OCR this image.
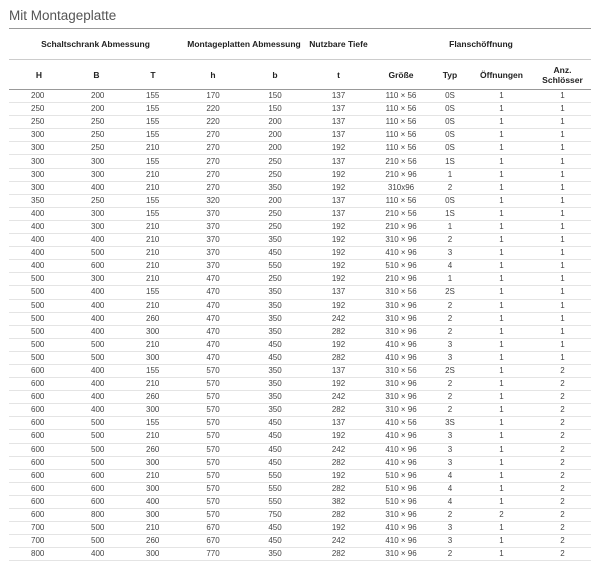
Mit Montageplatte
Schaltschrank Abmessung			Montageplatten Abmessung		Nutzbare Tiefe	Flanschöffnung			
H	B	T	h	b	t	Größe	Typ	Öffnungen	Anz. Schlösser
200	200	155	170	150	137	110 × 56	0S	1	1
250	200	155	220	150	137	110 × 56	0S	1	1
250	250	155	220	200	137	110 × 56	0S	1	1
300	250	155	270	200	137	110 × 56	0S	1	1
300	250	210	270	200	192	110 × 56	0S	1	1
300	300	155	270	250	137	210 × 56	1S	1	1
300	300	210	270	250	192	210 × 96	1	1	1
300	400	210	270	350	192	310x96	2	1	1
350	250	155	320	200	137	110 × 56	0S	1	1
400	300	155	370	250	137	210 × 56	1S	1	1
400	300	210	370	250	192	210 × 96	1	1	1
400	400	210	370	350	192	310 × 96	2	1	1
400	500	210	370	450	192	410 × 96	3	1	1
400	600	210	370	550	192	510 × 96	4	1	1
500	300	210	470	250	192	210 × 96	1	1	1
500	400	155	470	350	137	310 × 56	2S	1	1
500	400	210	470	350	192	310 × 96	2	1	1
500	400	260	470	350	242	310 × 96	2	1	1
500	400	300	470	350	282	310 × 96	2	1	1
500	500	210	470	450	192	410 × 96	3	1	1
500	500	300	470	450	282	410 × 96	3	1	1
600	400	155	570	350	137	310 × 56	2S	1	2
600	400	210	570	350	192	310 × 96	2	1	2
600	400	260	570	350	242	310 × 96	2	1	2
600	400	300	570	350	282	310 × 96	2	1	2
600	500	155	570	450	137	410 × 56	3S	1	2
600	500	210	570	450	192	410 × 96	3	1	2
600	500	260	570	450	242	410 × 96	3	1	2
600	500	300	570	450	282	410 × 96	3	1	2
600	600	210	570	550	192	510 × 96	4	1	2
600	600	300	570	550	282	510 × 96	4	1	2
600	600	400	570	550	382	510 × 96	4	1	2
600	800	300	570	750	282	310 × 96	2	2	2
700	500	210	670	450	192	410 × 96	3	1	2
700	500	260	670	450	242	410 × 96	3	1	2
800	400	300	770	350	282	310 × 96	2	1	2
